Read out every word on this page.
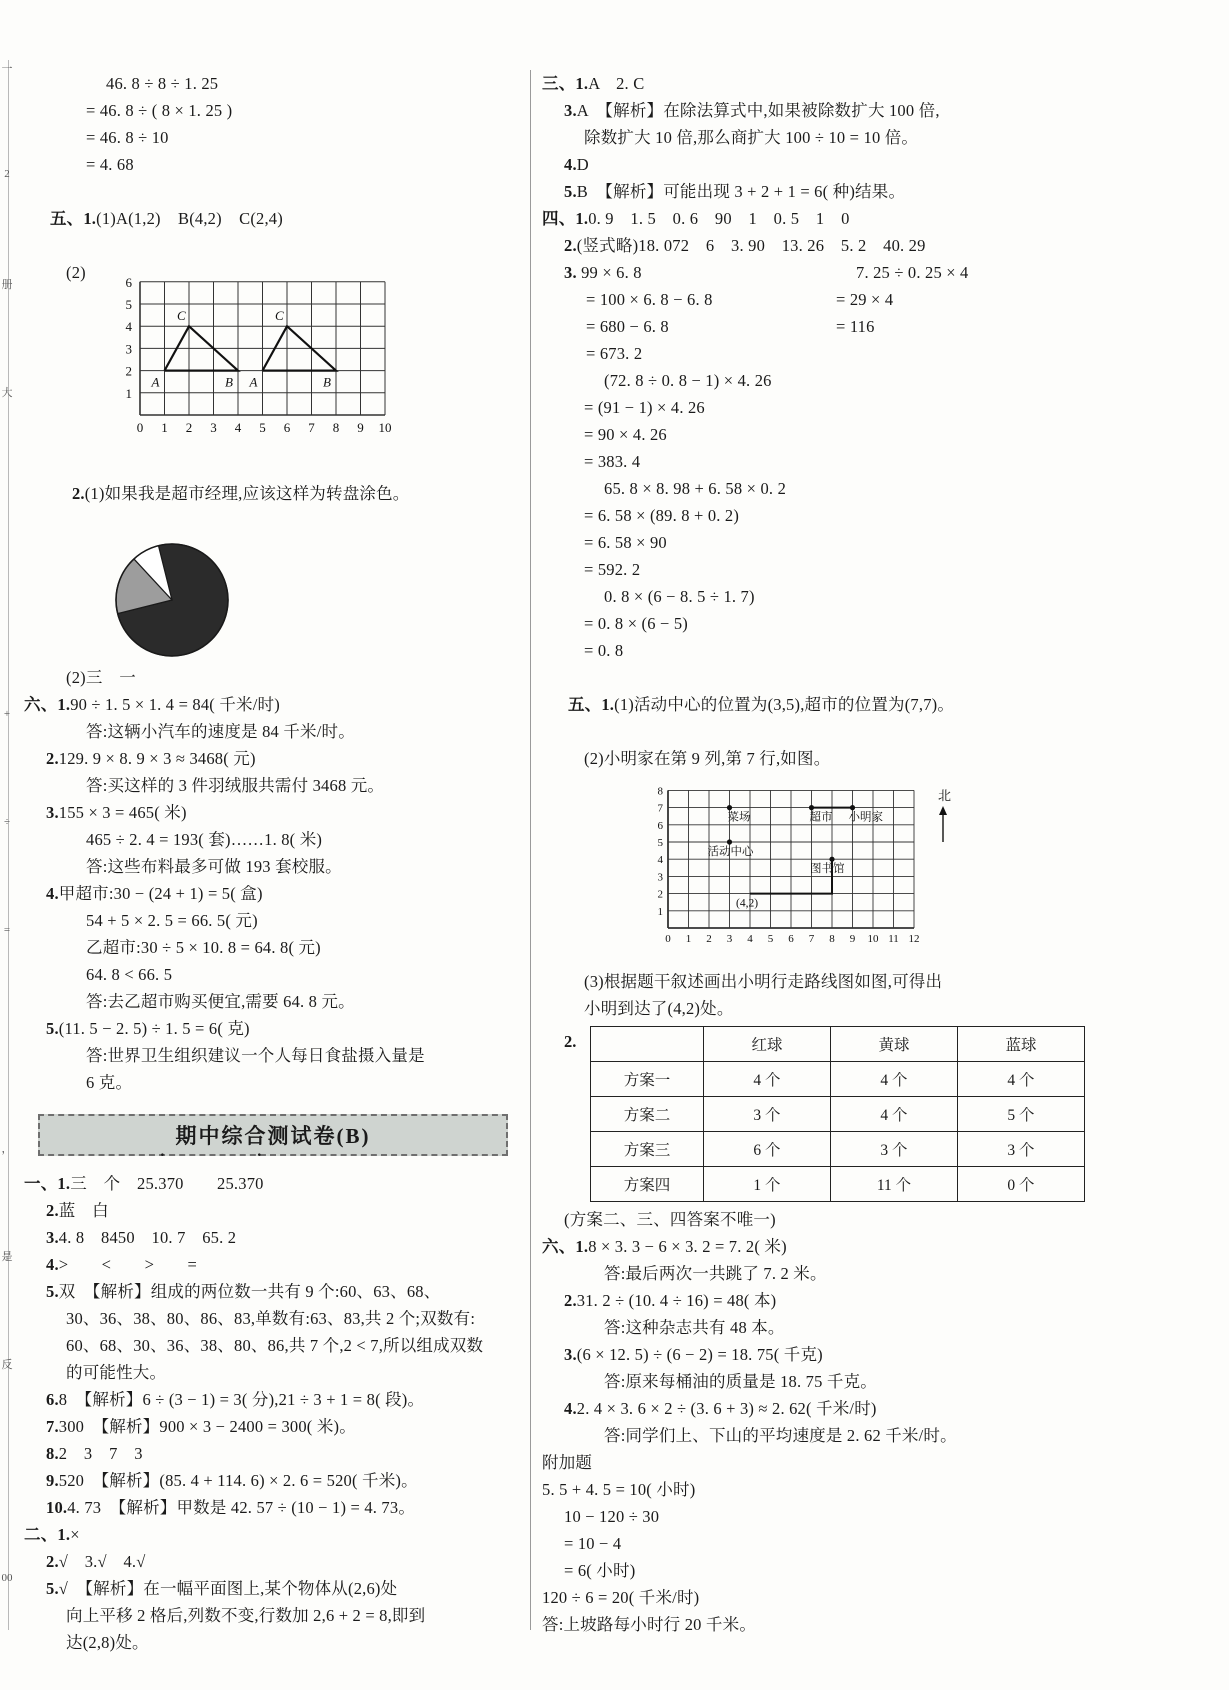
一
2
册
大
+
÷
=
，
是
反
00
46. 8 ÷ 8 ÷ 1. 25
= 46. 8 ÷ ( 8 × 1. 25 )
= 46. 8 ÷ 10
= 4. 68

五、1.(1)A(1,2)    B(4,2)    C(2,4)

(2)
1
2
3
4
5
6
0 1 2 3 4 5 6 7 8 9 10
A
C
B A
C
B

2.(1)如果我是超市经理,应该这样为转盘涂色。

(2)三　一
六、1.90 ÷ 1. 5 × 1. 4 = 84( 千米/时)
答:这辆小汽车的速度是 84 千米/时。
2.129. 9 × 8. 9 × 3 ≈ 3468( 元)
答:买这样的 3 件羽绒服共需付 3468 元。
3.155 × 3 = 465( 米)
465 ÷ 2. 4 = 193( 套)……1. 8( 米)
答:这些布料最多可做 193 套校服。
4.甲超市:30 − (24 + 1) = 5( 盒)
54 + 5 × 2. 5 = 66. 5( 元)
乙超市:30 ÷ 5 × 10. 8 = 64. 8( 元)
64. 8 < 66. 5
答:去乙超市购买便宜,需要 64. 8 元。
5.(11. 5 − 2. 5) ÷ 1. 5 = 6( 克)
答:世界卫生组织建议一个人每日食盐摄入量是
6 克。
期中综合测试卷(B)
一、1.三　个　25.· 370　　 25.37· 0
2.蓝　白
3.4. 8　8450　10. 7　65. 2
4.>　　<　　>　　=
5.双　【解析】组成的两位数一共有 9 个:60、63、68、
30、36、38、80、86、83,单数有:63、83,共 2 个;双数有:
60、68、30、36、38、80、86,共 7 个,2 < 7,所以组成双数
的可能性大。
6.8　【解析】6 ÷ (3 − 1) = 3( 分),21 ÷ 3 + 1 = 8( 段)。
7.300　【解析】900 × 3 − 2400 = 300( 米)。
8.2　3　7　3
9.520　【解析】(85. 4 + 114. 6) × 2. 6 = 520( 千米)。
10.4. 73　【解析】甲数是 42. 57 ÷ (10 − 1) = 4. 73。
二、1.×
2.√　3.√　4.√
5.√　【解析】在一幅平面图上,某个物体从(2,6)处
向上平移 2 格后,列数不变,行数加 2,6 + 2 = 8,即到
达(2,8)处。
三、1.A　2. C
3.A　【解析】在除法算式中,如果被除数扩大 100 倍,
除数扩大 10 倍,那么商扩大 100 ÷ 10 = 10 倍。
4.D
5.B　【解析】可能出现 3 + 2 + 1 = 6( 种)结果。
四、1.0. 9　1. 5　0. 6　90　1　0. 5　1　0
2.(竖式略)18. 072　6　3. 90　13. 26　5. 2　40. 29
3. 99 × 6. 8	7. 25 ÷ 0. 25 × 4
= 100 × 6. 8 − 6. 8	= 29 × 4
= 680 − 6. 8	= 116
= 673. 2
(72. 8 ÷ 0. 8 − 1) × 4. 26
= (91 − 1) × 4. 26
= 90 × 4. 26
= 383. 4
65. 8 × 8. 98 + 6. 58 × 0. 2
= 6. 58 × (89. 8 + 0. 2)
= 6. 58 × 90
= 592. 2
0. 8 × (6 − 8. 5 ÷ 1. 7)
= 0. 8 × (6 − 5)
= 0. 8

五、1.(1)活动中心的位置为(3,5),超市的位置为(7,7)。

(2)小明家在第 9 列,第 7 行,如图。
8
7
6
5
4
3
2
1
0 1 2 3 4 5 6 7 8 9 10 11 12
菜场	超市 小明家
活动中心
图书馆
(4,2)
北
(3)根据题干叙述画出小明行走路线图如图,可得出
小明到达了(4,2)处。
2.
		红球	黄球	蓝球
方案一	4 个	4 个	4 个
方案二	3 个	4 个	5 个
方案三	6 个	3 个	3 个
方案四	1 个	11 个	0 个
(方案二、三、四答案不唯一)
六、1.8 × 3. 3 − 6 × 3. 2 = 7. 2( 米)
答:最后两次一共跳了 7. 2 米。
2.31. 2 ÷ (10. 4 ÷ 16) = 48( 本)
答:这种杂志共有 48 本。
3.(6 × 12. 5) ÷ (6 − 2) = 18. 75( 千克)
答:原来每桶油的质量是 18. 75 千克。
4.2. 4 × 3. 6 × 2 ÷ (3. 6 + 3) ≈ 2. 62( 千米/时)
答:同学们上、下山的平均速度是 2. 62 千米/时。
附加题
5. 5 + 4. 5 = 10( 小时)
10 − 120 ÷ 30
= 10 − 4
= 6( 小时)
120 ÷ 6 = 20( 千米/时)
答:上坡路每小时行 20 千米。
